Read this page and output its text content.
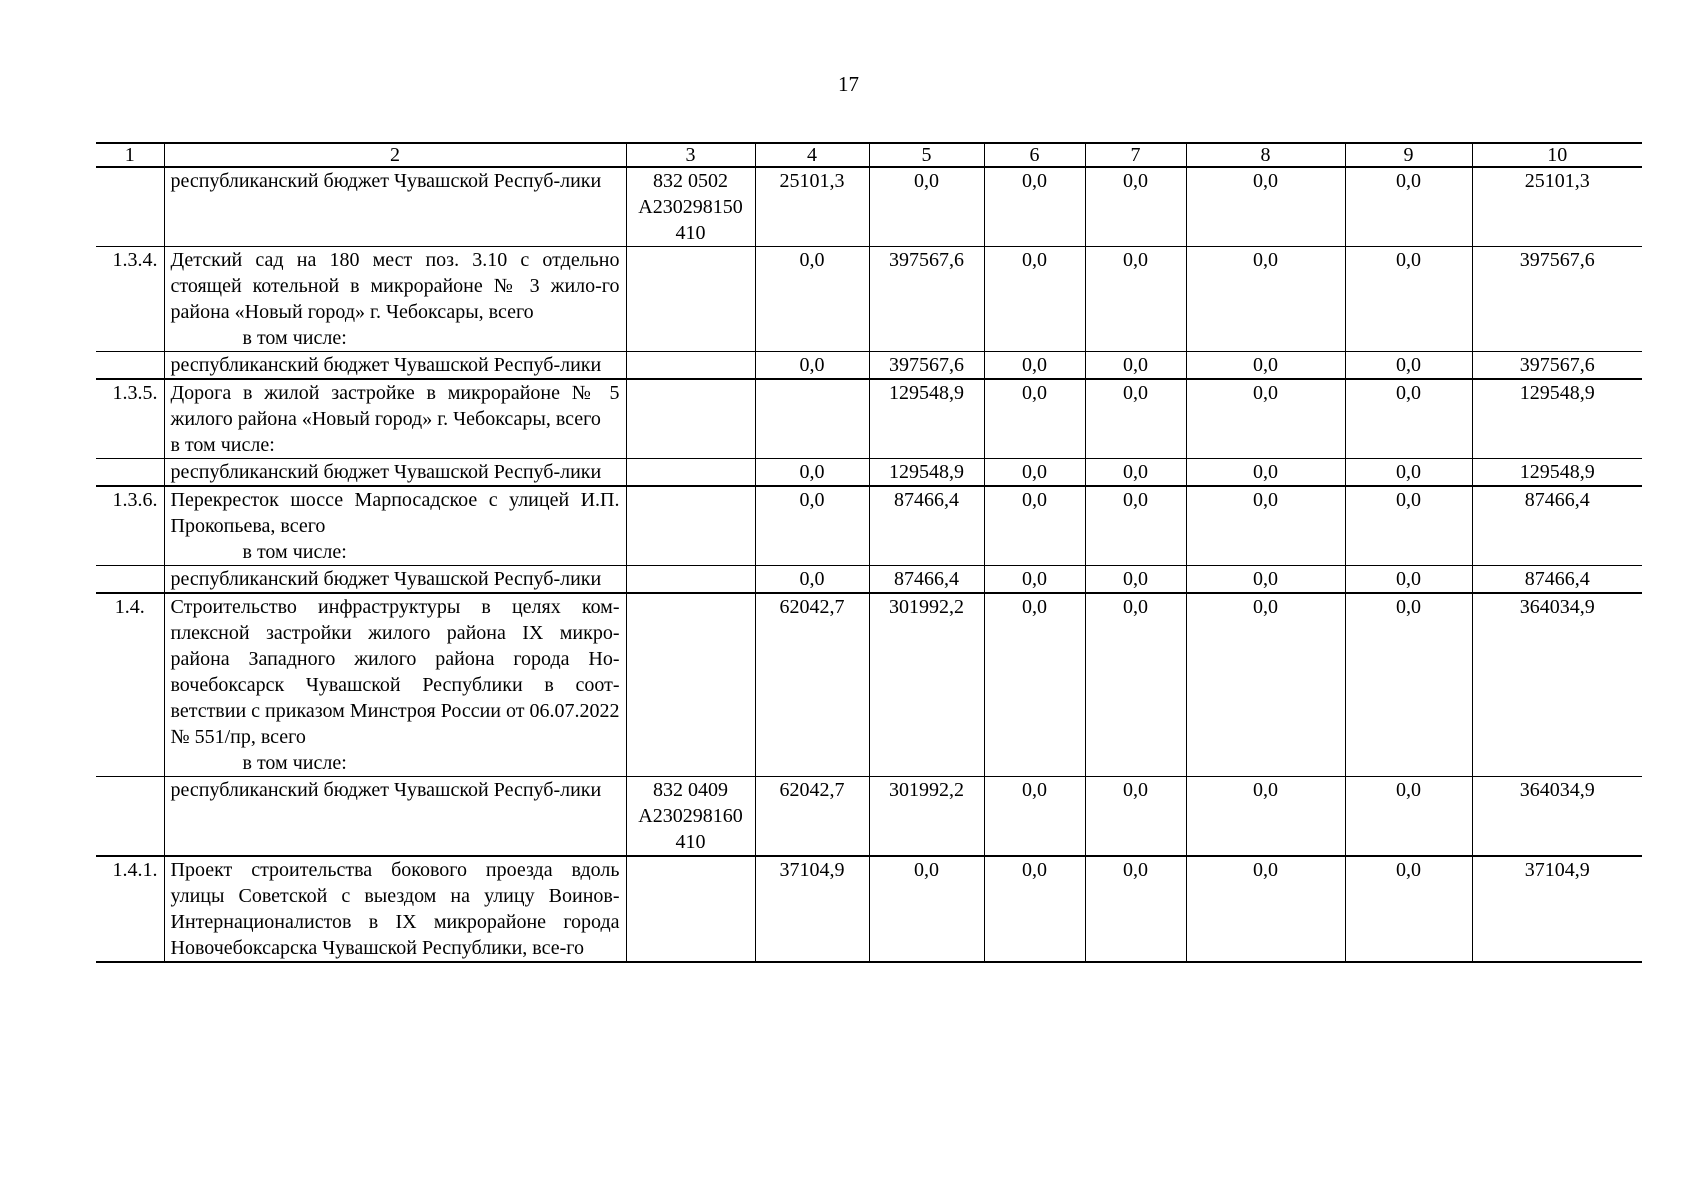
17
1	2	3	4	5	6	7	8	9	10
	республиканский бюджет Чувашской Респуб-лики	832 0502
А230298150
410	25101,3	0,0	0,0	0,0	0,0	0,0	25101,3
1.3.4.	Детский сад на 180 мест поз. 3.10 с отдельно стоящей котельной в микрорайоне № 3 жило-го района «Новый город» г. Чебоксары, всего
в том числе:		0,0	397567,6	0,0	0,0	0,0	0,0	397567,6
	республиканский бюджет Чувашской Респуб-лики		0,0	397567,6	0,0	0,0	0,0	0,0	397567,6
1.3.5.	Дорога в жилой застройке в микрорайоне № 5 жилого района «Новый город» г. Чебоксары, всего
в том числе:			129548,9	0,0	0,0	0,0	0,0	129548,9
	республиканский бюджет Чувашской Респуб-лики		0,0	129548,9	0,0	0,0	0,0	0,0	129548,9
1.3.6.	Перекресток шоссе Марпосадское с улицей И.П. Прокопьева, всего
в том числе:		0,0	87466,4	0,0	0,0	0,0	0,0	87466,4
	республиканский бюджет Чувашской Респуб-лики		0,0	87466,4	0,0	0,0	0,0	0,0	87466,4
1.4.	Строительство инфраструктуры в целях ком-плексной застройки жилого района IX микро-района Западного жилого района города Но-вочебоксарск Чувашской Республики в соот-ветствии с приказом Минстроя России от 06.07.2022 № 551/пр, всего
в том числе:		62042,7	301992,2	0,0	0,0	0,0	0,0	364034,9
	республиканский бюджет Чувашской Респуб-лики	832 0409
А230298160
410	62042,7	301992,2	0,0	0,0	0,0	0,0	364034,9
1.4.1.	Проект строительства бокового проезда вдоль улицы Советской с выездом на улицу Воинов-Интернационалистов в IX микрорайоне города Новочебоксарска Чувашской Республики, все-го		37104,9	0,0	0,0	0,0	0,0	0,0	37104,9
